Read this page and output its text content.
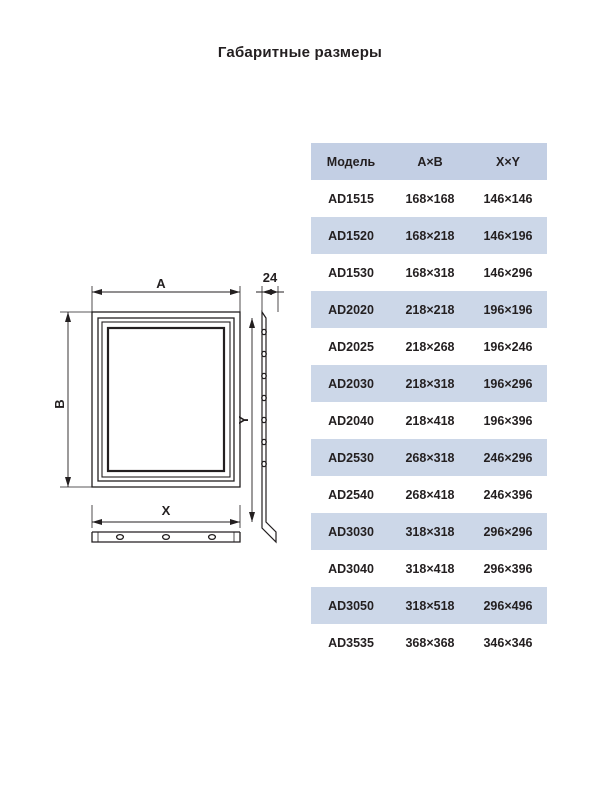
Габаритные размеры
Модель	A×B	X×Y
AD1515	168×168	146×146
AD1520	168×218	146×196
AD1530	168×318	146×296
AD2020	218×218	196×196
AD2025	218×268	196×246
AD2030	218×318	196×296
AD2040	218×418	196×396
AD2530	268×318	246×296
AD2540	268×418	246×396
AD3030	318×318	296×296
AD3040	318×418	296×396
AD3050	318×518	296×496
AD3535	368×368	346×346
A
B
X
Y
24
